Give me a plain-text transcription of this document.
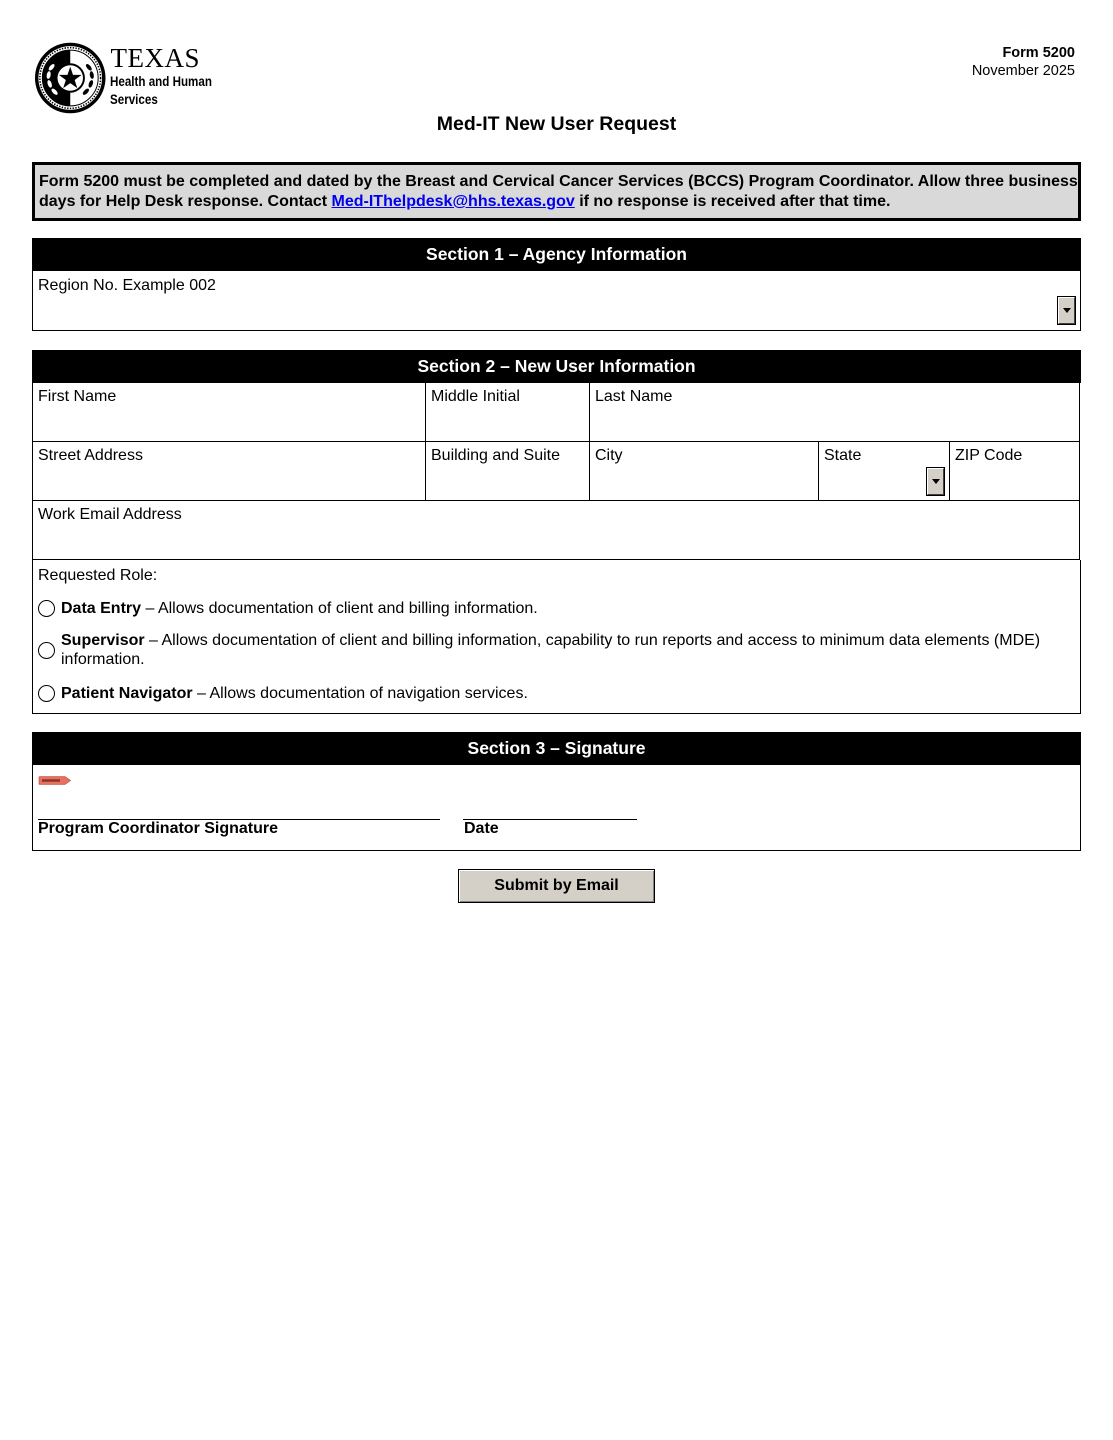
TEXAS
Health and Human
Services
Form 5200
November 2025
Med-IT New User Request
Form 5200 must be completed and dated by the Breast and Cervical Cancer Services (BCCS) Program Coordinator. Allow three business days for Help Desk response. Contact Med-IThelpdesk@hhs.texas.gov if no response is received after that time.
Section 1 – Agency Information
Region No. Example 002
Section 2 – New User Information
First Name	Middle Initial	Last Name
Street Address	Building and Suite	City	State	ZIP Code
Work Email Address
Requested Role:
Data Entry – Allows documentation of client and billing information.
Supervisor – Allows documentation of client and billing information, capability to run reports and access to minimum data elements (MDE) information.
Patient Navigator – Allows documentation of navigation services.
Section 3 – Signature
Program Coordinator Signature	Date
Submit by Email
